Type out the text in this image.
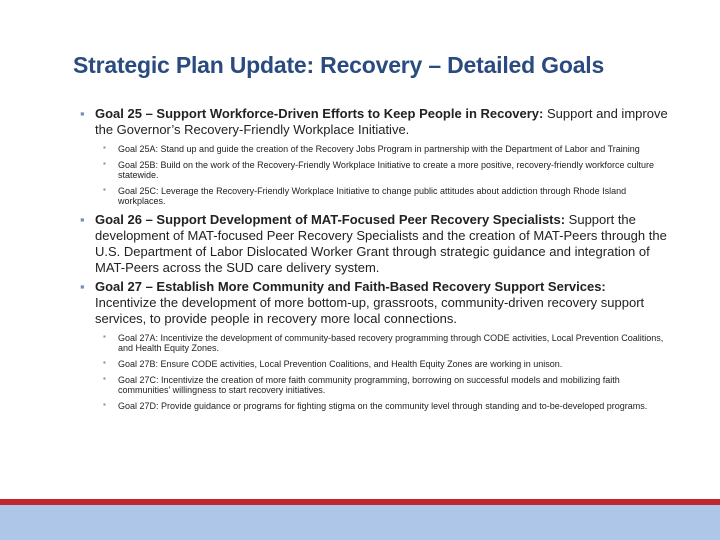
Strategic Plan Update: Recovery – Detailed Goals

▪ Goal 25 – Support Workforce-Driven Efforts to Keep People in Recovery: Support and improve the Governor’s Recovery-Friendly Workplace Initiative.

▪ Goal 25A: Stand up and guide the creation of the Recovery Jobs Program in partnership with the Department of Labor and Training
▪ Goal 25B: Build on the work of the Recovery-Friendly Workplace Initiative to create a more positive, recovery-friendly workforce culture statewide.
▪ Goal 25C: Leverage the Recovery-Friendly Workplace Initiative to change public attitudes about addiction through Rhode Island workplaces.

▪ Goal 26 – Support Development of MAT-Focused Peer Recovery Specialists: Support the development of MAT-focused Peer Recovery Specialists and the creation of MAT-Peers through the U.S. Department of Labor Dislocated Worker Grant through strategic guidance and integration of MAT-Peers across the SUD care delivery system.

▪ Goal 27 – Establish More Community and Faith-Based Recovery Support Services: Incentivize the development of more bottom-up, grassroots, community-driven recovery support services, to provide people in recovery more local connections.

▪ Goal 27A: Incentivize the development of community-based recovery programming through CODE activities, Local Prevention Coalitions, and Health Equity Zones.
▪ Goal 27B: Ensure CODE activities, Local Prevention Coalitions, and Health Equity Zones are working in unison.
▪ Goal 27C: Incentivize the creation of more faith community programming, borrowing on successful models and mobilizing faith communities’ willingness to start recovery initiatives.
▪ Goal 27D: Provide guidance or programs for fighting stigma on the community level through standing and to-be-developed programs.
